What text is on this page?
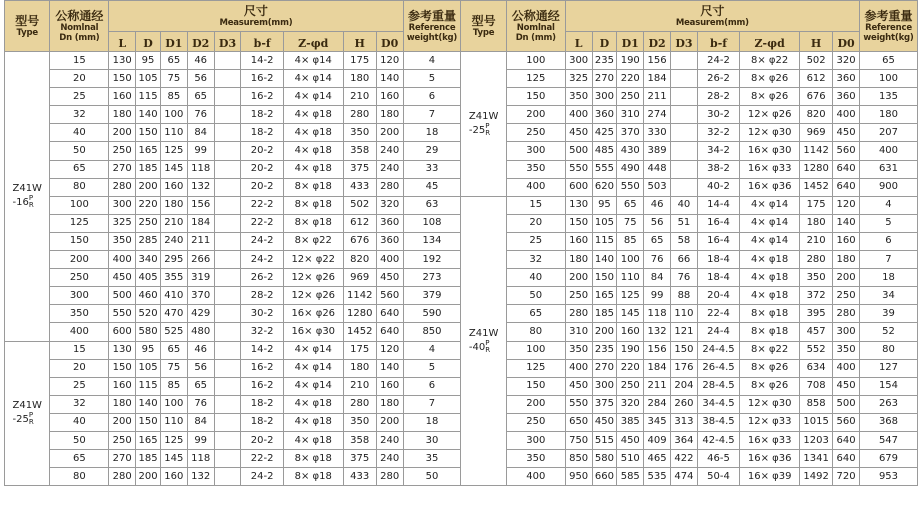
型号
Type	公称通经
Nomlnal
Dn (mm)	尺寸
Measurem(mm)									参考重量
Reference
weight(kg)	型号
Type	公称通经
Nomlnal
Dn (mm)	尺寸
Measurem(mm)									参考重量
Reference
weight(kg)

		L	D	D1	D2	D3	b-f	Z-φd	H	D0				L	D	D1	D2	D3	b-f	Z-φd	H	D0	
Z41W
-16 P
R	15	130	95	65	46		14-2	4× φ14	175	120	4	Z41W
-25 P
R	100	300	235	190	156		24-2	8× φ22	502	320	65
	20	150	105	75	56		16-2	4× φ14	180	140	5		125	325	270	220	184		26-2	8× φ26	612	360	100
	25	160	115	85	65		16-2	4× φ14	210	160	6		150	350	300	250	211		28-2	8× φ26	676	360	135
	32	180	140	100	76		18-2	4× φ18	280	180	7		200	400	360	310	274		30-2	12× φ26	820	400	180
	40	200	150	110	84		18-2	4× φ18	350	200	18		250	450	425	370	330		32-2	12× φ30	969	450	207
	50	250	165	125	99		20-2	4× φ18	358	240	29		300	500	485	430	389		34-2	16× φ30	1142	560	400
	65	270	185	145	118		20-2	4× φ18	375	240	33		350	550	555	490	448		38-2	16× φ33	1280	640	631
	80	280	200	160	132		20-2	8× φ18	433	280	45		400	600	620	550	503		40-2	16× φ36	1452	640	900
	100	300	220	180	156		22-2	8× φ18	502	320	63	Z41W
-40 P
R	15	130	95	65	46	40	14-4	4× φ14	175	120	4
	125	325	250	210	184		22-2	8× φ18	612	360	108		20	150	105	75	56	51	16-4	4× φ14	180	140	5
	150	350	285	240	211		24-2	8× φ22	676	360	134		25	160	115	85	65	58	16-4	4× φ14	210	160	6
	200	400	340	295	266		24-2	12× φ22	820	400	192		32	180	140	100	76	66	18-4	4× φ18	280	180	7
	250	450	405	355	319		26-2	12× φ26	969	450	273		40	200	150	110	84	76	18-4	4× φ18	350	200	18
	300	500	460	410	370		28-2	12× φ26	1142	560	379		50	250	165	125	99	88	20-4	4× φ18	372	250	34
	350	550	520	470	429		30-2	16× φ26	1280	640	590		65	280	185	145	118	110	22-4	8× φ18	395	280	39
	400	600	580	525	480		32-2	16× φ30	1452	640	850		80	310	200	160	132	121	24-4	8× φ18	457	300	52
Z41W
-25 P
R	15	130	95	65	46		14-2	4× φ14	175	120	4		100	350	235	190	156	150	24-4.5	8× φ22	552	350	80
	20	150	105	75	56		16-2	4× φ14	180	140	5		125	400	270	220	184	176	26-4.5	8× φ26	634	400	127
	25	160	115	85	65		16-2	4× φ14	210	160	6		150	450	300	250	211	204	28-4.5	8× φ26	708	450	154
	32	180	140	100	76		18-2	4× φ18	280	180	7		200	550	375	320	284	260	34-4.5	12× φ30	858	500	263
	40	200	150	110	84		18-2	4× φ18	350	200	18		250	650	450	385	345	313	38-4.5	12× φ33	1015	560	368
	50	250	165	125	99		20-2	4× φ18	358	240	30		300	750	515	450	409	364	42-4.5	16× φ33	1203	640	547
	65	270	185	145	118		22-2	8× φ18	375	240	35		350	850	580	510	465	422	46-5	16× φ36	1341	640	679
	80	280	200	160	132		24-2	8× φ18	433	280	50		400	950	660	585	535	474	50-4	16× φ39	1492	720	953
